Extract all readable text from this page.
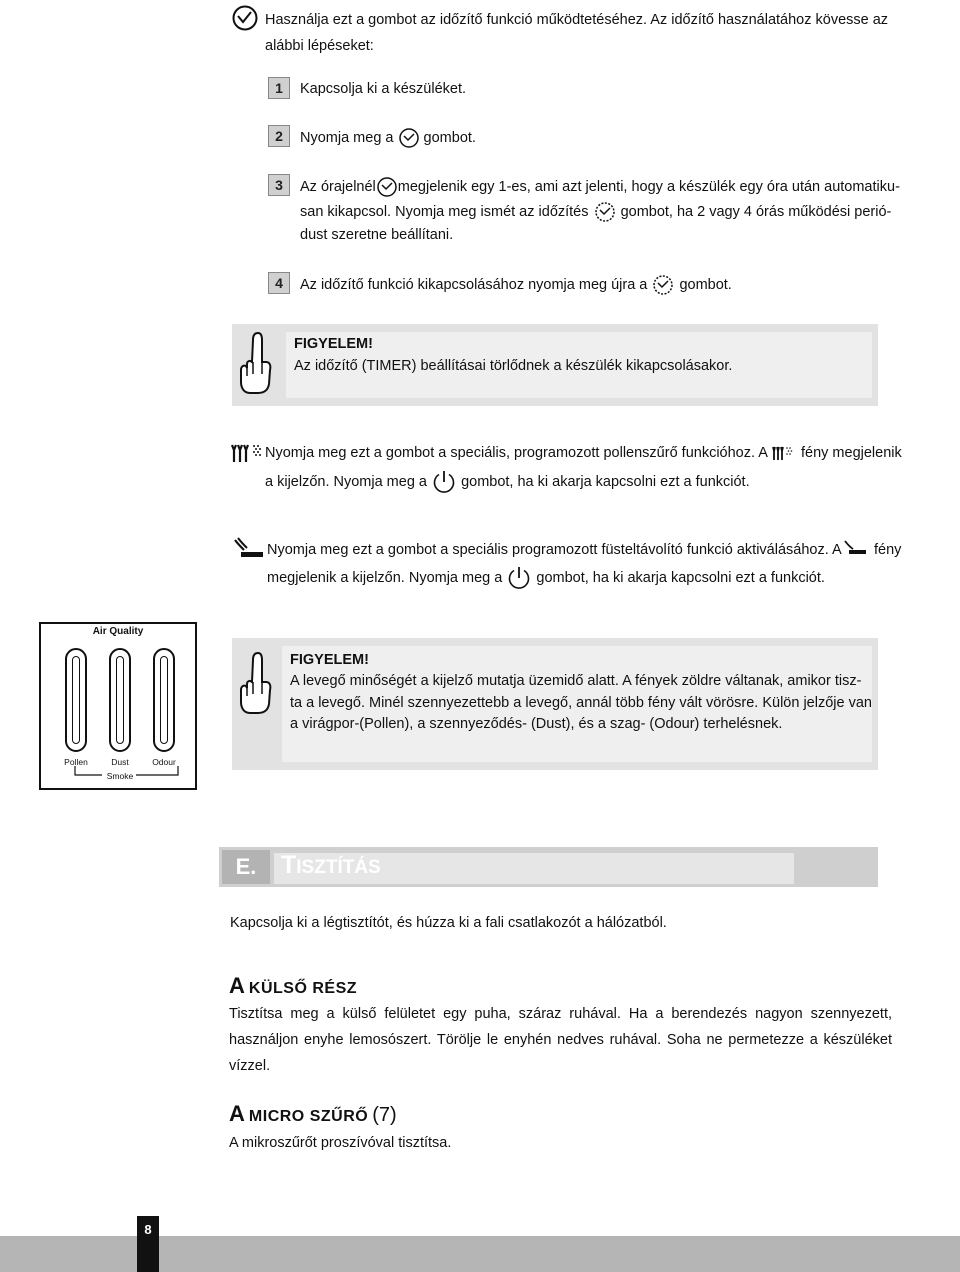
Használja ezt a gombot az időzítő funkció működtetéséhez. Az időzítő használatához kövesse az
alábbi lépéseket:
1	Kapcsolja ki a készüléket.
2	Nyomja meg a gombot.
3	Az órajelnél megjelenik egy 1-es, ami azt jelenti, hogy a készülék egy óra után automatiku-
san kikapcsol. Nyomja meg ismét az időzítés gombot, ha 2 vagy 4 órás működési perió-
dust szeretne beállítani.
4	Az időzítő funkció kikapcsolásához nyomja meg újra a gombot.
FIGYELEM!
Az időzítő (TIMER) beállításai törlődnek a készülék kikapcsolásakor.
Nyomja meg ezt a gombot a speciális, programozott pollenszűrő funkcióhoz. A fény megjelenik
a kijelzőn. Nyomja meg a gombot, ha ki akarja kapcsolni ezt a funkciót.
Nyomja meg ezt a gombot a speciális programozott füsteltávolító funkció aktiválásához. A fény
megjelenik a kijelzőn. Nyomja meg a gombot, ha ki akarja kapcsolni ezt a funkciót.
Air Quality
Pollen	Dust	Odour
Smoke
FIGYELEM!
A levegő minőségét a kijelző mutatja üzemidő alatt. A fények zöldre váltanak, amikor tisz-
ta a levegő. Minél szennyezettebb a levegő, annál több fény vált vörösre. Külön jelzője van
a virágpor-(Pollen), a szennyeződés- (Dust), és a szag- (Odour) terhelésnek.
E. TISZTÍTÁS
Kapcsolja ki a légtisztítót, és húzza ki a fali csatlakozót a hálózatból.
A KÜLSŐ RÉSZ
Tisztítsa meg a külső felületet egy puha, száraz ruhával. Ha a berendezés nagyon szennyezett,
használjon enyhe lemosószert. Törölje le enyhén nedves ruhával. Soha ne permetezze a készüléket
vízzel.
A MICRO SZŰRŐ (7)
A mikroszűrőt proszívóval tisztítsa.
8
